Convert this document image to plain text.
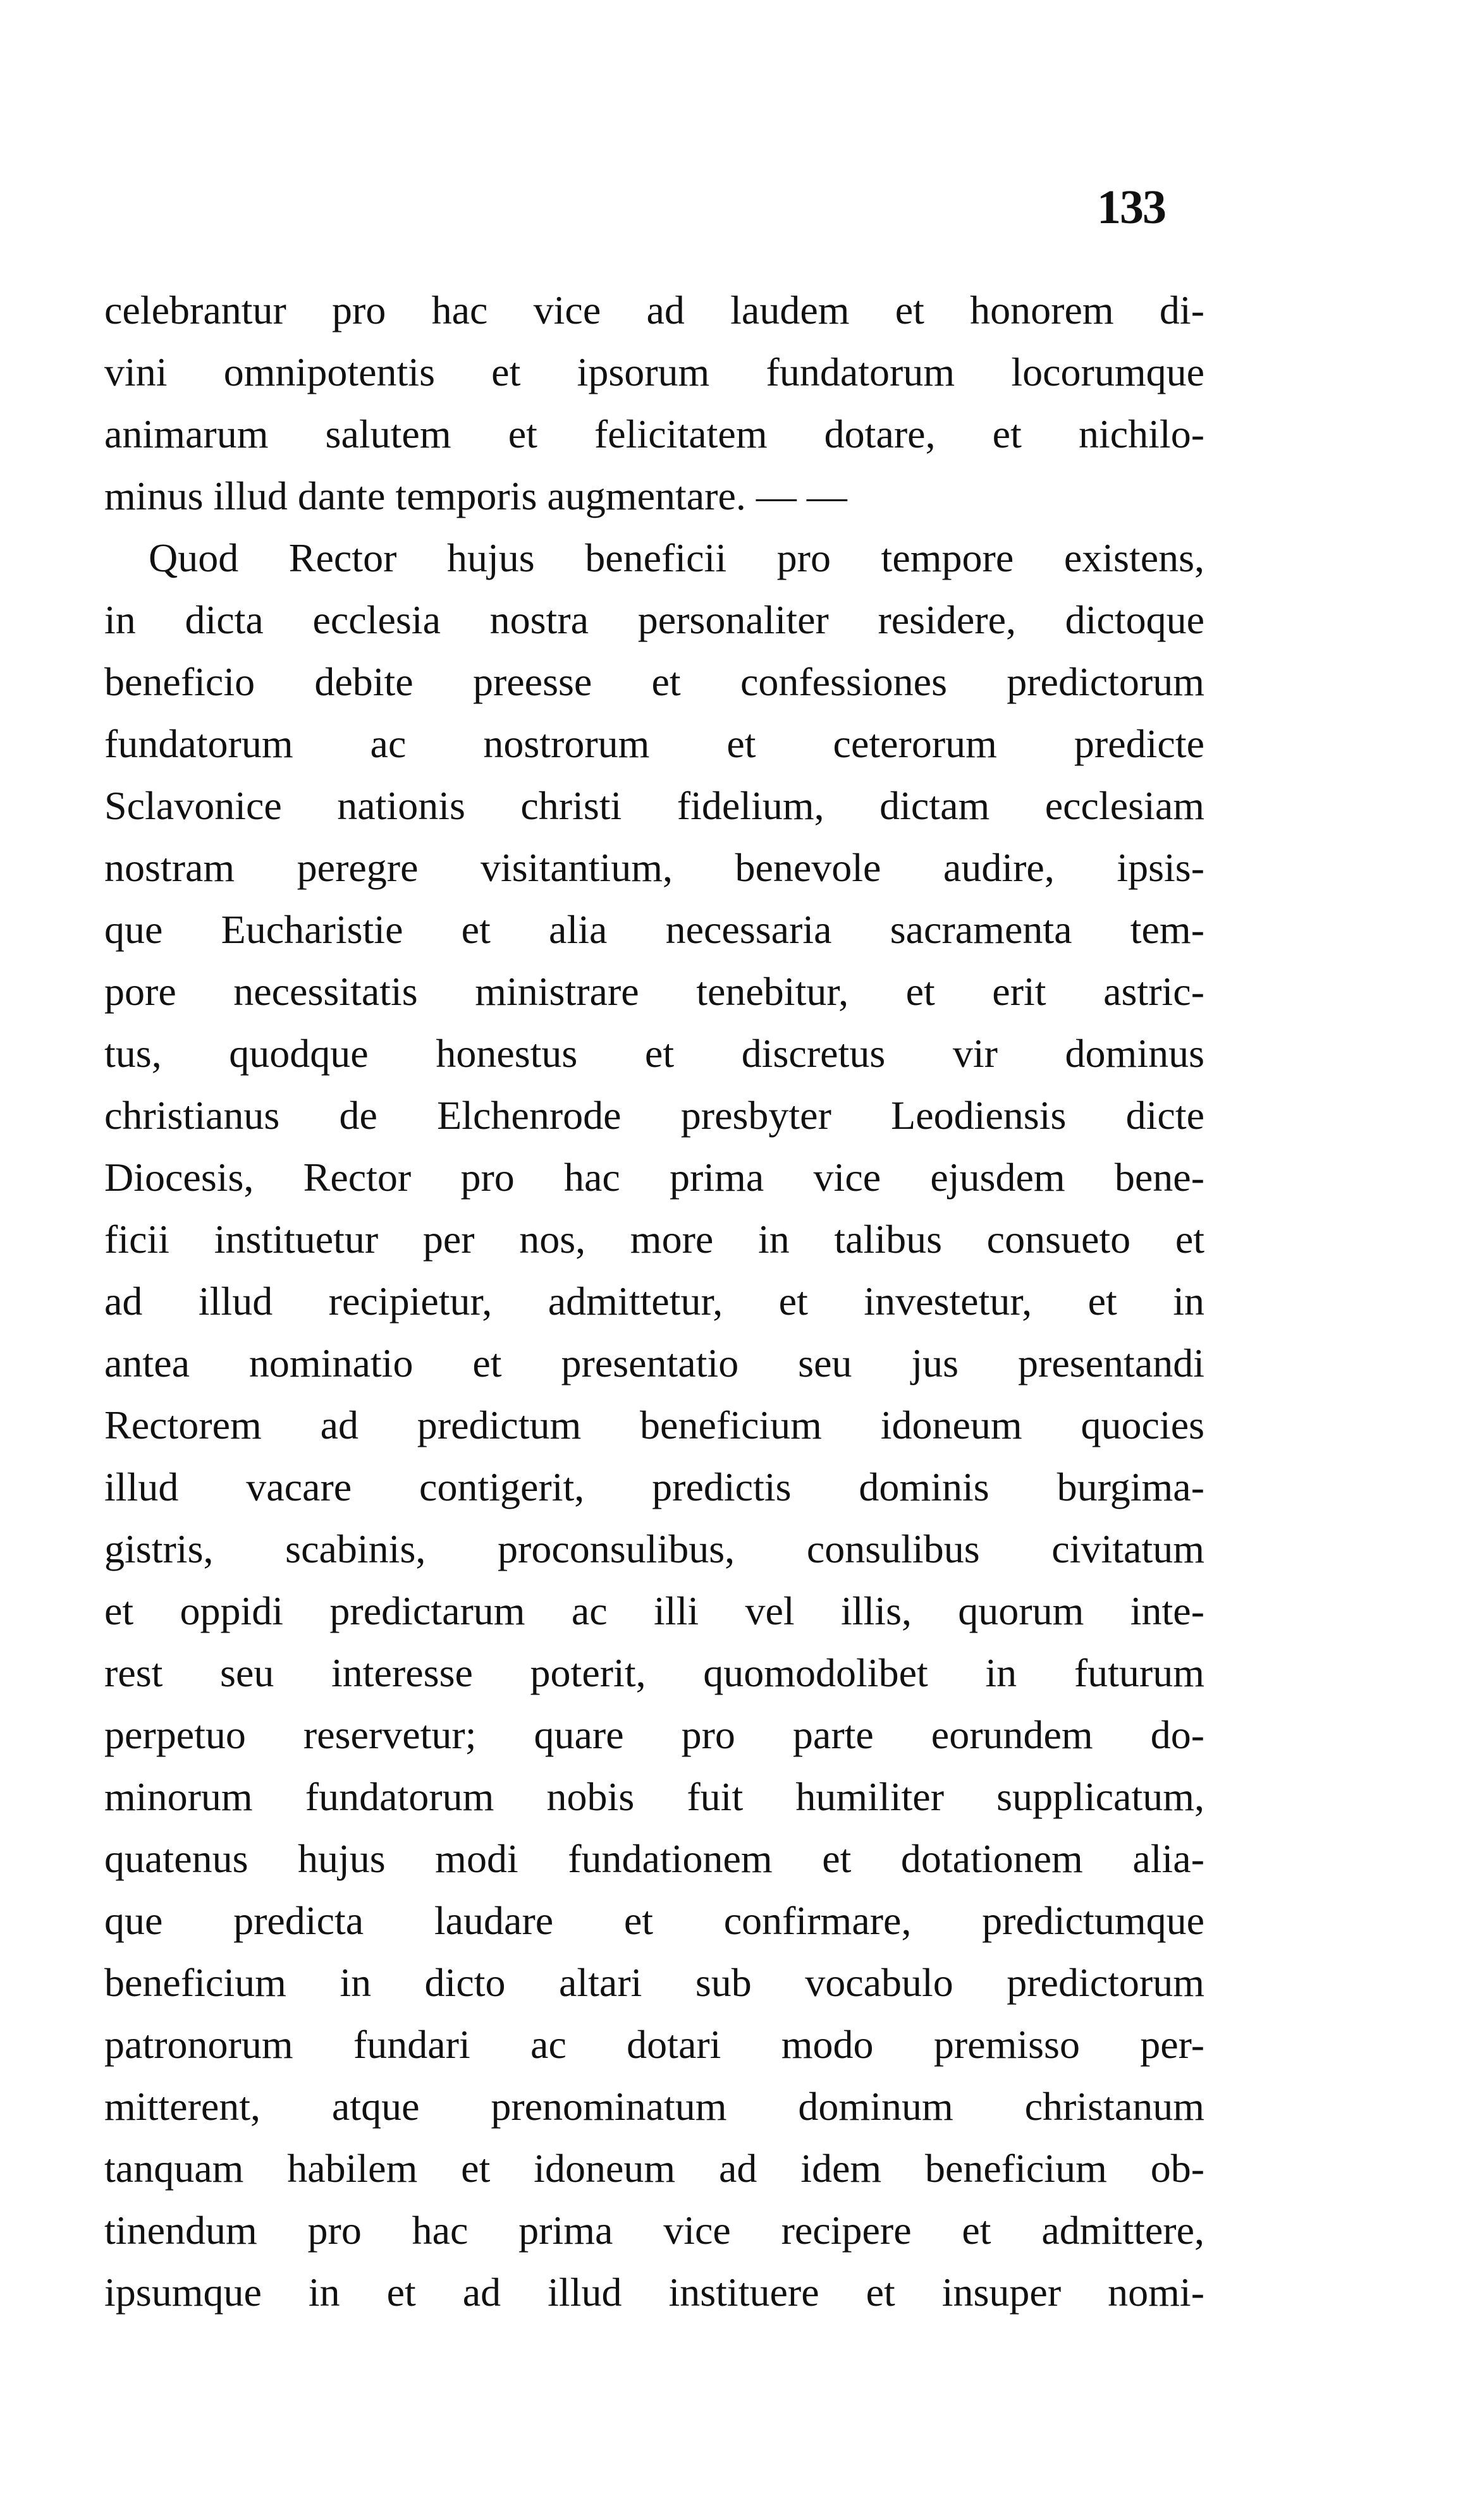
133
celebrantur pro hac vice ad laudem et honorem di-
vini omnipotentis et ipsorum fundatorum locorumque
animarum salutem et felicitatem dotare, et nichilo-
minus illud dante temporis augmentare. — —
Quod Rector hujus beneficii pro tempore existens,
in dicta ecclesia nostra personaliter residere, dictoque
beneficio debite preesse et confessiones predictorum
fundatorum ac nostrorum et ceterorum predicte
Sclavonice nationis christi fidelium, dictam ecclesiam
nostram peregre visitantium, benevole audire, ipsis-
que Eucharistie et alia necessaria sacramenta tem-
pore necessitatis ministrare tenebitur, et erit astric-
tus, quodque honestus et discretus vir dominus
christianus de Elchenrode presbyter Leodiensis dicte
Diocesis, Rector pro hac prima vice ejusdem bene-
ficii instituetur per nos, more in talibus consueto et
ad illud recipietur, admittetur, et investetur, et in
antea nominatio et presentatio seu jus presentandi
Rectorem ad predictum beneficium idoneum quocies
illud vacare contigerit, predictis dominis burgima-
gistris, scabinis, proconsulibus, consulibus civitatum
et oppidi predictarum ac illi vel illis, quorum inte-
rest seu interesse poterit, quomodolibet in futurum
perpetuo reservetur; quare pro parte eorundem do-
minorum fundatorum nobis fuit humiliter supplicatum,
quatenus hujus modi fundationem et dotationem alia-
que predicta laudare et confirmare, predictumque
beneficium in dicto altari sub vocabulo predictorum
patronorum fundari ac dotari modo premisso per-
mitterent, atque prenominatum dominum christanum
tanquam habilem et idoneum ad idem beneficium ob-
tinendum pro hac prima vice recipere et admittere,
ipsumque in et ad illud instituere et insuper nomi-
